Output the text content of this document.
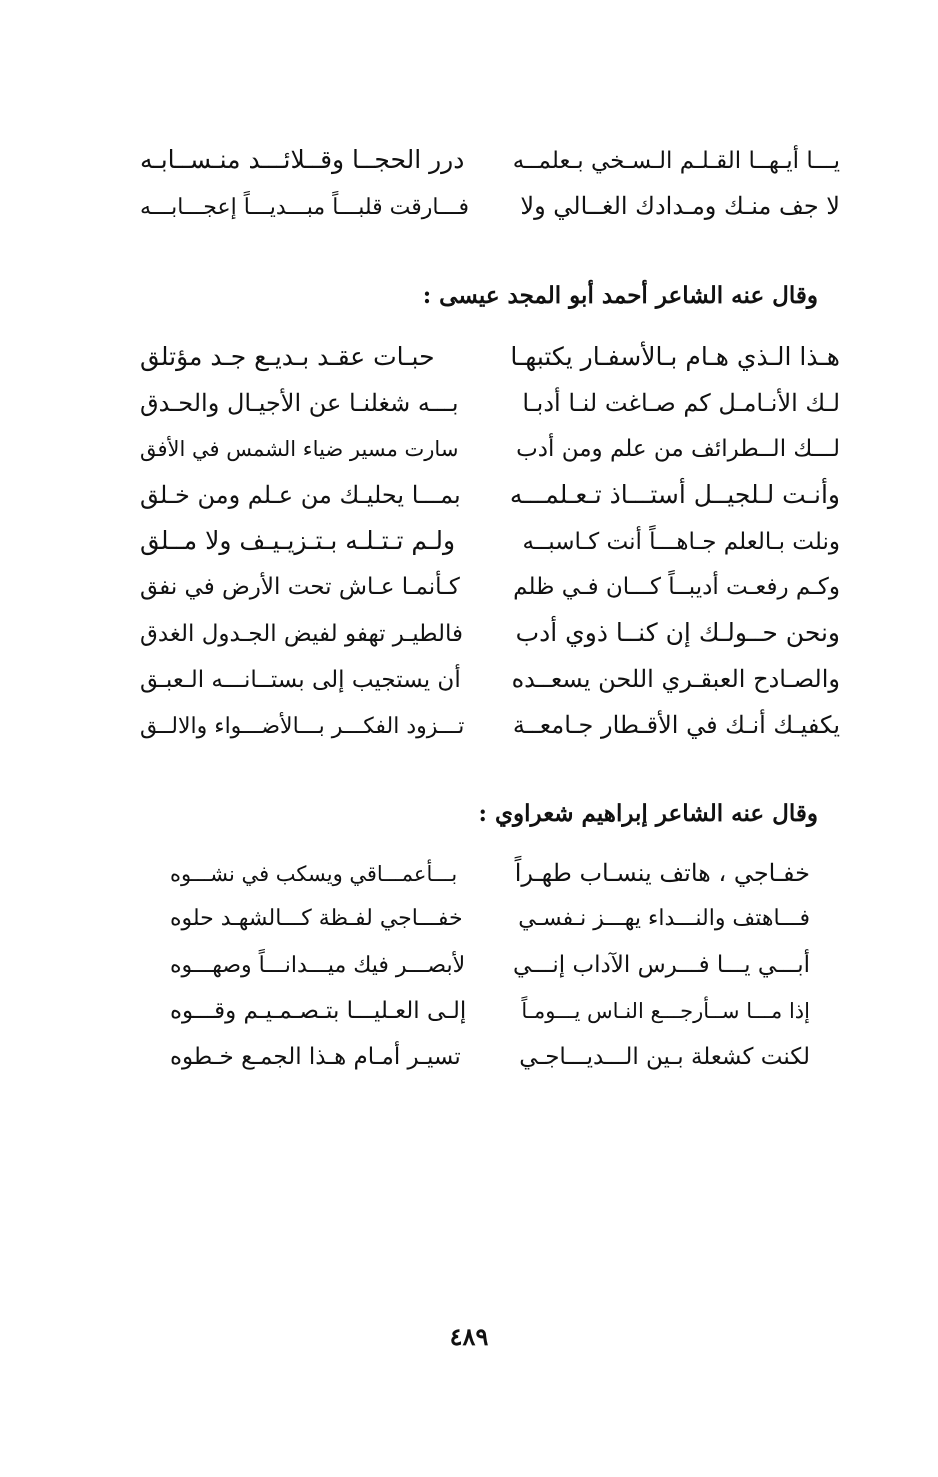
يـــا أيـهــا القـلـم الـسـخي بـعلمــه
درر الحجــا وقــلائـــد منـســابـه
لا جف منـك ومـدادك الغــالي ولا
فـــارقت قلبـــاً مبـــديـــاً إعجـــابـــه
وقال عنه الشاعر أحمد أبو المجد عيسى :
هـذا الـذي هـام بـالأسفـار يكتبهـا
حبـات عقـد بـديـع جـد مؤتلق
لـك الأنـامـل كم صـاغت لنـا أدبـا
بـــه شغلنـا عن الأجيـال والحـدق
لـــك الــطرائف من علم ومن أدب
سارت مسير ضياء الشمس في الأفق
وأنـت لـلجيــل أستـــاذ تـعـلمـــه
بمـــا يحليـك من عـلم ومن خـلق
ونلت بـالعلم جـاهـــاً أنت كـاسبــه
ولـم تـتـلـه بـتـزيـيـف ولا مــلق
وكـم رفعـت أديبــاً كـــان فـي ظلم
كـأنمـا عـاش تحت الأرض في نفق
ونحن حــولـك إن كنــا ذوي أدب
فالطيـر تهفو لفيض الجـدول الغدق
والصـادح العبقـري اللحن يسعــده
أن يستجيب إلى بستــانـــه الـعبـق
يكفيـك أنـك في الأقـطار جـامعــة
تـــزود الفكـــر بـــالأضـــواء والالــق
وقال عنه الشاعر إبراهيم شعراوي :
خفـاجي ، هاتف ينسـاب طهـراً
بـــأعمـــاقي ويسكب في نشـــوه
فـــاهتف والنـــداء يهـــز نـفسـي
خفـــاجي لفـظة كـــالشهـد حلوه
أبـــي يـــا فـــرس الآداب إنـــي
لأبصـــر فيك ميـــدانـــاً وصهـــوه
إذا مـــا ســأرجـــع النـاس يـــومـاً
إلـى العـليـــا بتـصـمـيـم وقـــوه
لكنت كشعلة بـين الـــديـــاجـي
تسيـر أمـام هـذا الجمـع خـطوه
٤٨٩
